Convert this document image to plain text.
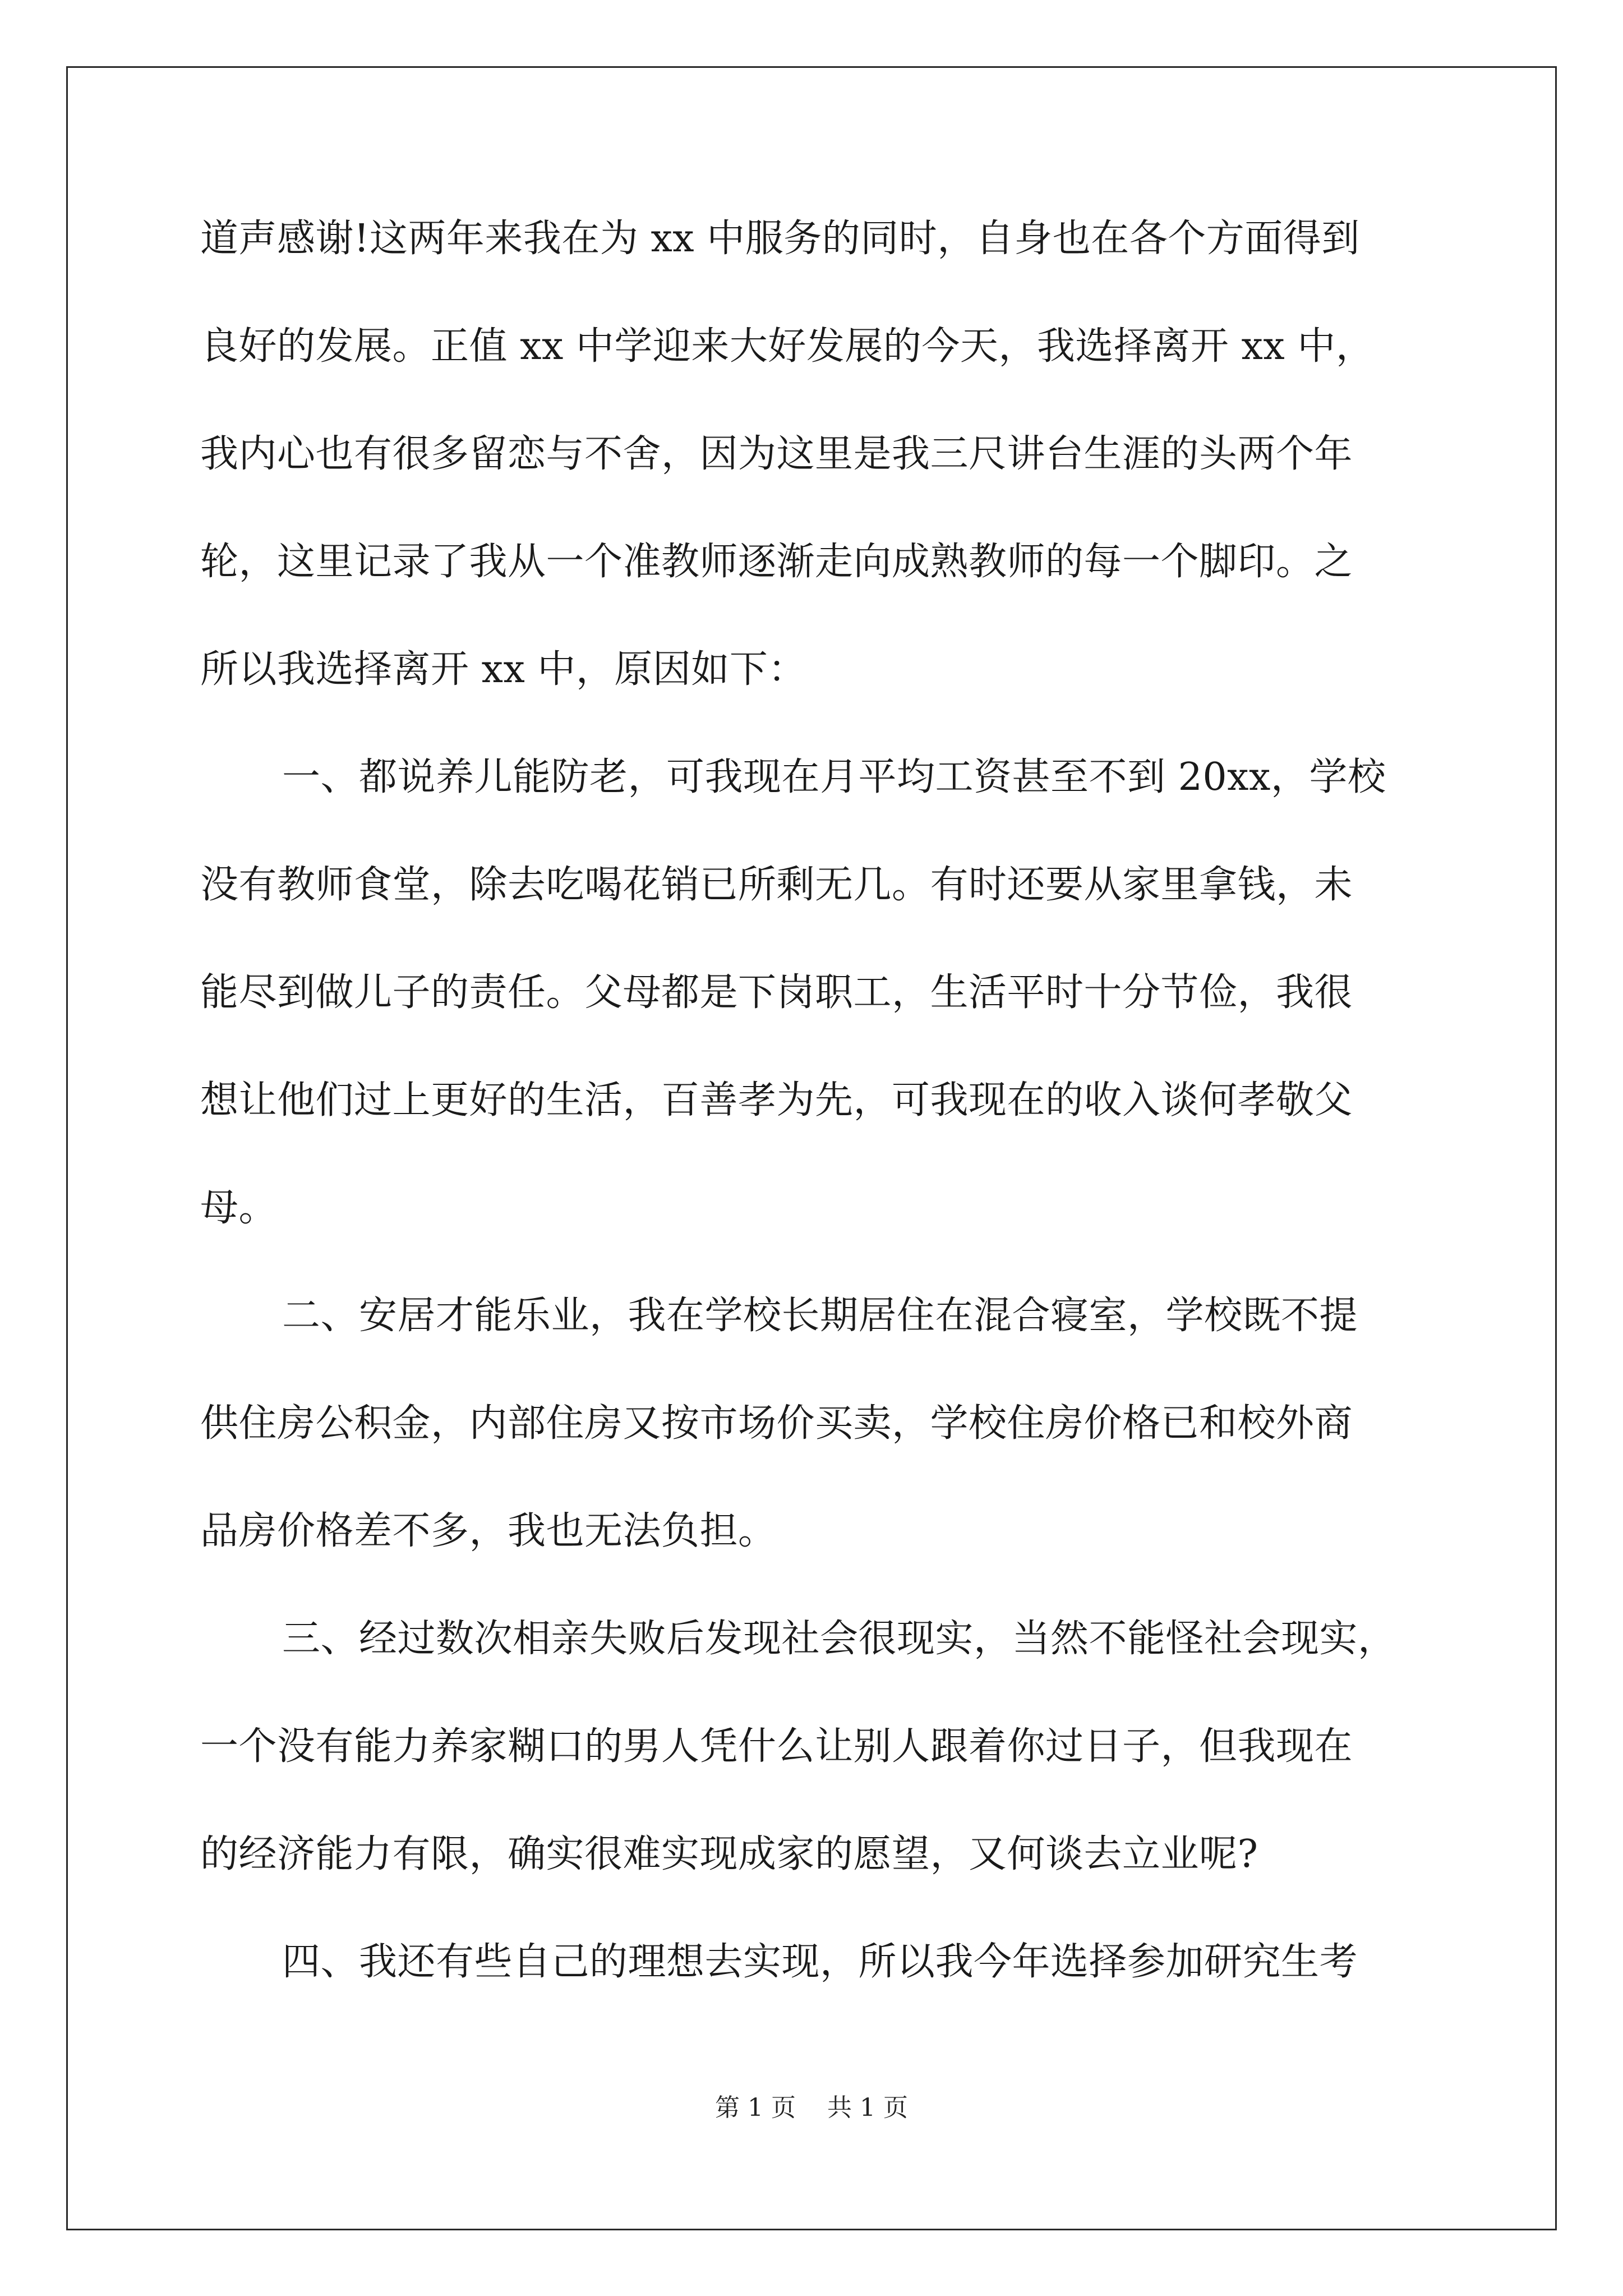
道声感谢!这两年来我在为 xx 中服务的同时，自身也在各个方面得到
良好的发展。正值 xx 中学迎来大好发展的今天，我选择离开 xx 中，
我内心也有很多留恋与不舍，因为这里是我三尺讲台生涯的头两个年
轮，这里记录了我从一个准教师逐渐走向成熟教师的每一个脚印。之
所以我选择离开 xx 中，原因如下：
一、都说养儿能防老，可我现在月平均工资甚至不到 20xx，学校
没有教师食堂，除去吃喝花销已所剩无几。有时还要从家里拿钱，未
能尽到做儿子的责任。父母都是下岗职工，生活平时十分节俭，我很
想让他们过上更好的生活，百善孝为先，可我现在的收入谈何孝敬父
母。
二、安居才能乐业，我在学校长期居住在混合寝室，学校既不提
供住房公积金，内部住房又按市场价买卖，学校住房价格已和校外商
品房价格差不多，我也无法负担。
三、经过数次相亲失败后发现社会很现实，当然不能怪社会现实，
一个没有能力养家糊口的男人凭什么让别人跟着你过日子，但我现在
的经济能力有限，确实很难实现成家的愿望，又何谈去立业呢?
四、我还有些自己的理想去实现，所以我今年选择参加研究生考
第 1 页 共 1 页
